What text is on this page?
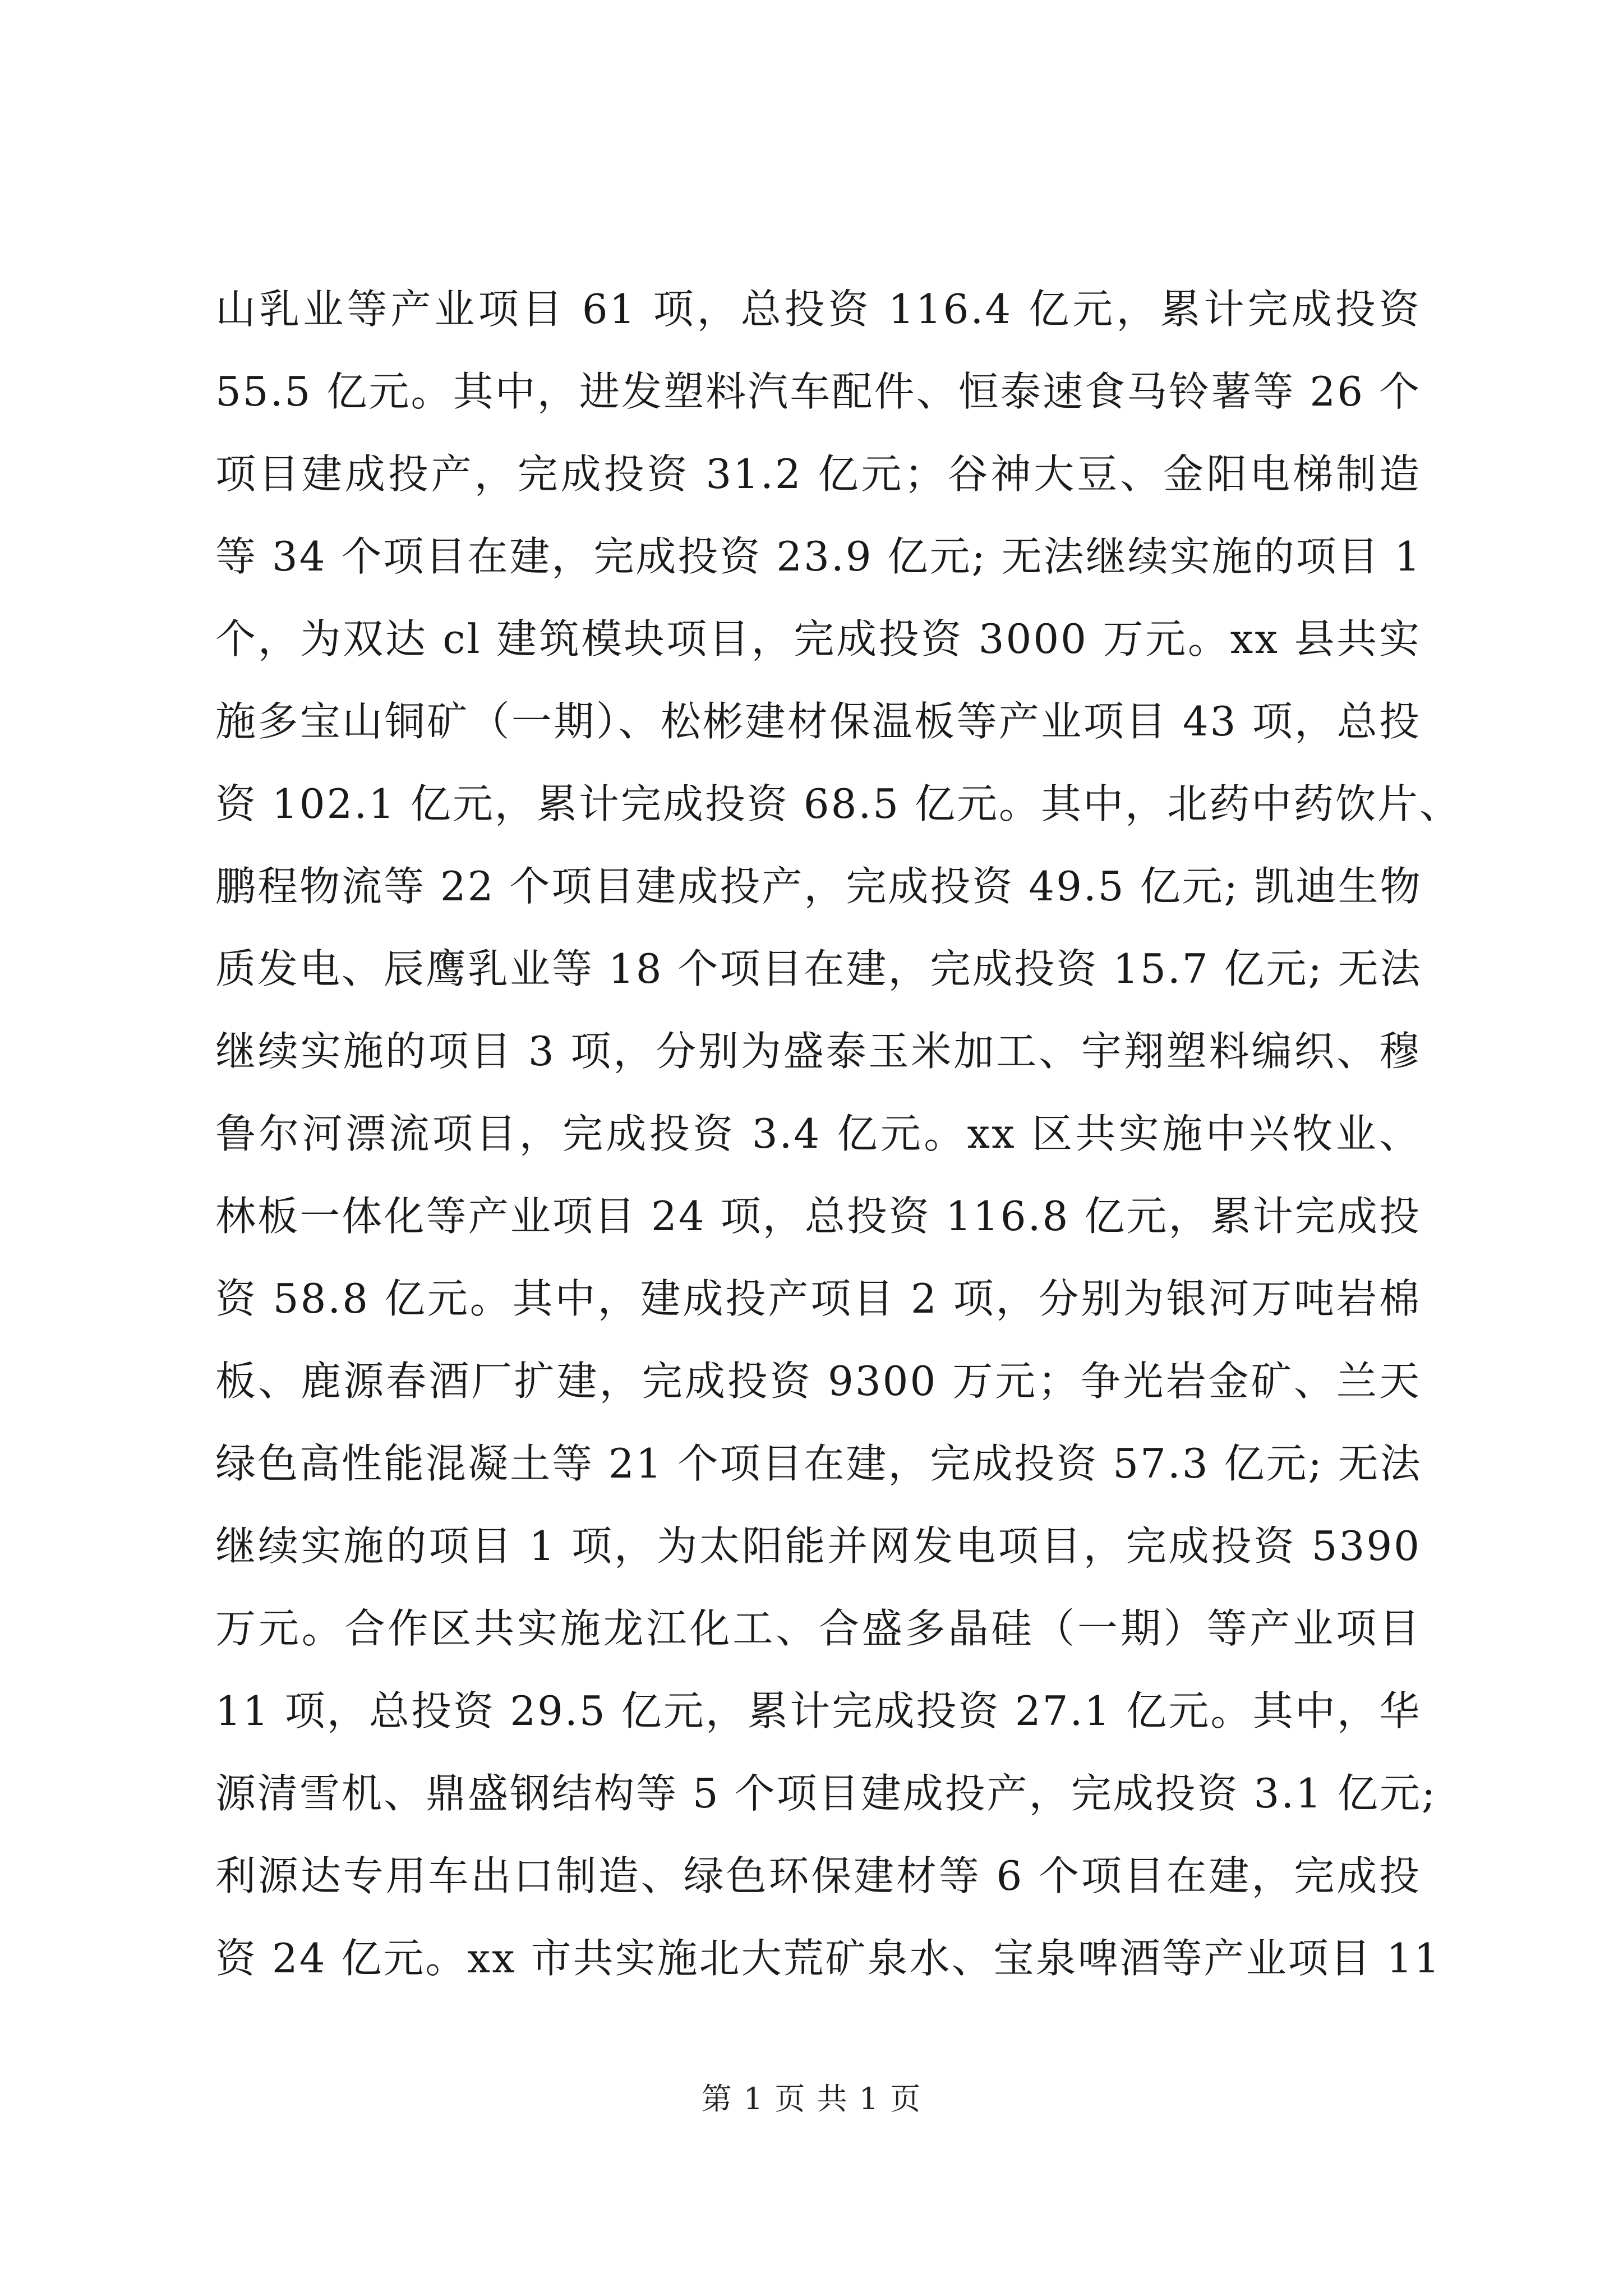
山乳业等产业项目 61 项，总投资 116.4 亿元，累计完成投资
55.5 亿元。其中，进发塑料汽车配件、恒泰速食马铃薯等 26 个
项目建成投产，完成投资 31.2 亿元；谷神大豆、金阳电梯制造
等 34 个项目在建，完成投资 23.9 亿元; 无法继续实施的项目 1
个，为双达 cl 建筑模块项目，完成投资 3000 万元。xx 县共实
施多宝山铜矿（一期）、松彬建材保温板等产业项目 43 项，总投
资 102.1 亿元，累计完成投资 68.5 亿元。其中，北药中药饮片、
鹏程物流等 22 个项目建成投产，完成投资 49.5 亿元; 凯迪生物
质发电、辰鹰乳业等 18 个项目在建，完成投资 15.7 亿元; 无法
继续实施的项目 3 项，分别为盛泰玉米加工、宇翔塑料编织、穆
鲁尔河漂流项目，完成投资 3.4 亿元。xx 区共实施中兴牧业、
林板一体化等产业项目 24 项，总投资 116.8 亿元，累计完成投
资 58.8 亿元。其中，建成投产项目 2 项，分别为银河万吨岩棉
板、鹿源春酒厂扩建，完成投资 9300 万元；争光岩金矿、兰天
绿色高性能混凝土等 21 个项目在建，完成投资 57.3 亿元; 无法
继续实施的项目 1 项，为太阳能并网发电项目，完成投资 5390
万元。合作区共实施龙江化工、合盛多晶硅（一期）等产业项目
11 项，总投资 29.5 亿元，累计完成投资 27.1 亿元。其中，华
源清雪机、鼎盛钢结构等 5 个项目建成投产，完成投资 3.1 亿元;
利源达专用车出口制造、绿色环保建材等 6 个项目在建，完成投
资 24 亿元。xx 市共实施北大荒矿泉水、宝泉啤酒等产业项目 11
第 1 页 共 1 页
